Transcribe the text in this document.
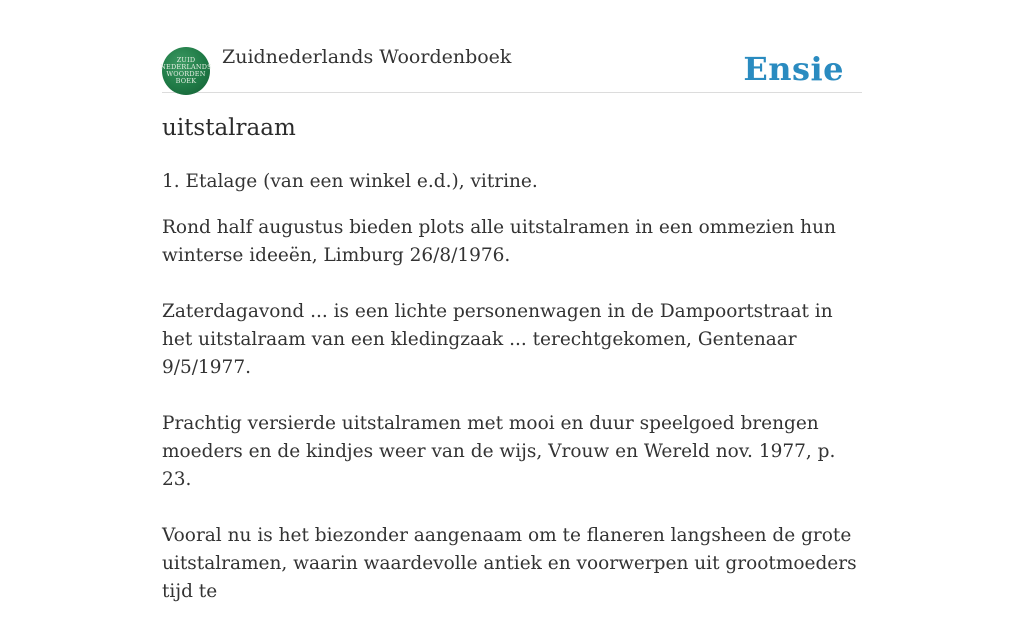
ZUID
NEDERLANDS
WOORDEN
BOEK
Zuidnederlands Woordenboek	Ensie
uitstalraam

1. Etalage (van een winkel e.d.), vitrine.

Rond half augustus bieden plots alle uitstalramen in een ommezien hun winterse ideeën, Limburg 26/8/1976.

Zaterdagavond ... is een lichte personenwagen in de Dampoortstraat in het uitstalraam van een kledingzaak ... terechtgekomen, Gentenaar 9/5/1977.

Prachtig versierde uitstalramen met mooi en duur speelgoed brengen moeders en de kindjes weer van de wijs, Vrouw en Wereld nov. 1977, p. 23.

Vooral nu is het biezonder aangenaam om te flaneren langsheen de grote uitstalramen, waarin waardevolle antiek en voorwerpen uit grootmoeders tijd te
